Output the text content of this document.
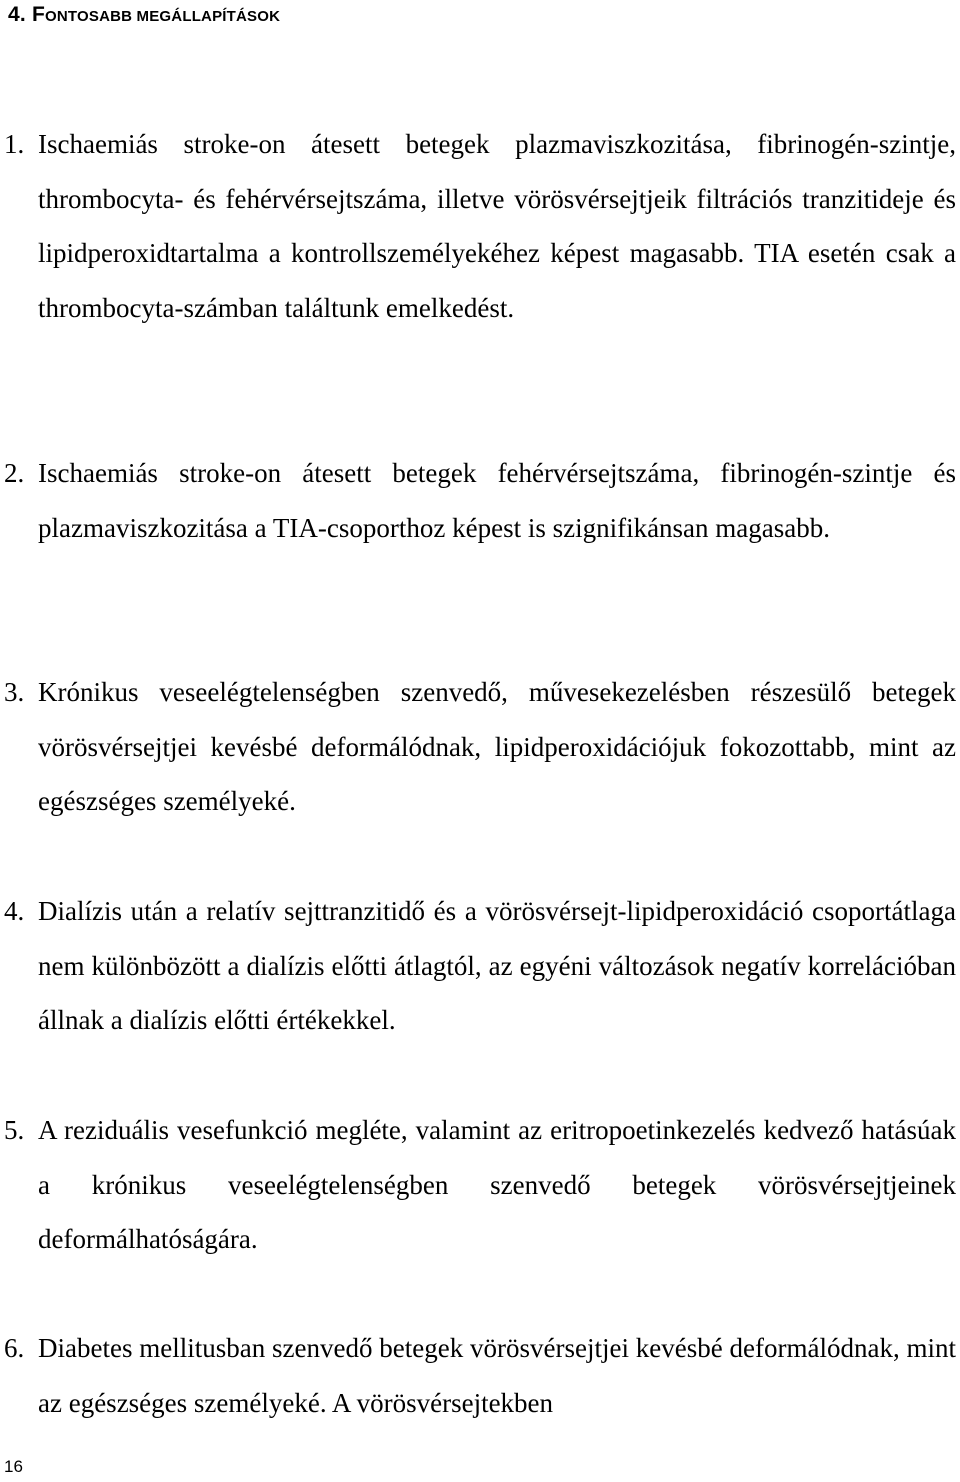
4. FONTOSABB MEGÁLLAPÍTÁSOK
1. Ischaemiás stroke-on átesett betegek plazmaviszkozitása, fibrinogén-szintje, thrombocyta- és fehérvérsejtszáma, illetve vörösvérsejtjeik filtrációs tranzitideje és lipidperoxidtartalma a kontrollszemélyekéhez képest magasabb. TIA esetén csak a thrombocyta-számban találtunk emelkedést.

2. Ischaemiás stroke-on átesett betegek fehérvérsejtszáma, fibrinogén-szintje és plazmaviszkozitása a TIA-csoporthoz képest is szignifikánsan magasabb.

3. Krónikus veseelégtelenségben szenvedő, művesekezelésben részesülő betegek vörösvérsejtjei kevésbé deformálódnak, lipidperoxidációjuk fokozottabb, mint az egészséges személyeké.

4. Dialízis után a relatív sejttranzitidő és a vörösvérsejt-lipidperoxidáció csoportátlaga nem különbözött a dialízis előtti átlagtól, az egyéni változások negatív korrelációban állnak a dialízis előtti értékekkel.

5. A reziduális vesefunkció megléte, valamint az eritropoetinkezelés kedvező hatásúak a krónikus veseelégtelenségben szenvedő betegek vörösvérsejtjeinek deformálhatóságára.

6. Diabetes mellitusban szenvedő betegek vörösvérsejtjei kevésbé deformálódnak, mint az egészséges személyeké. A vörösvérsejtekben

16
